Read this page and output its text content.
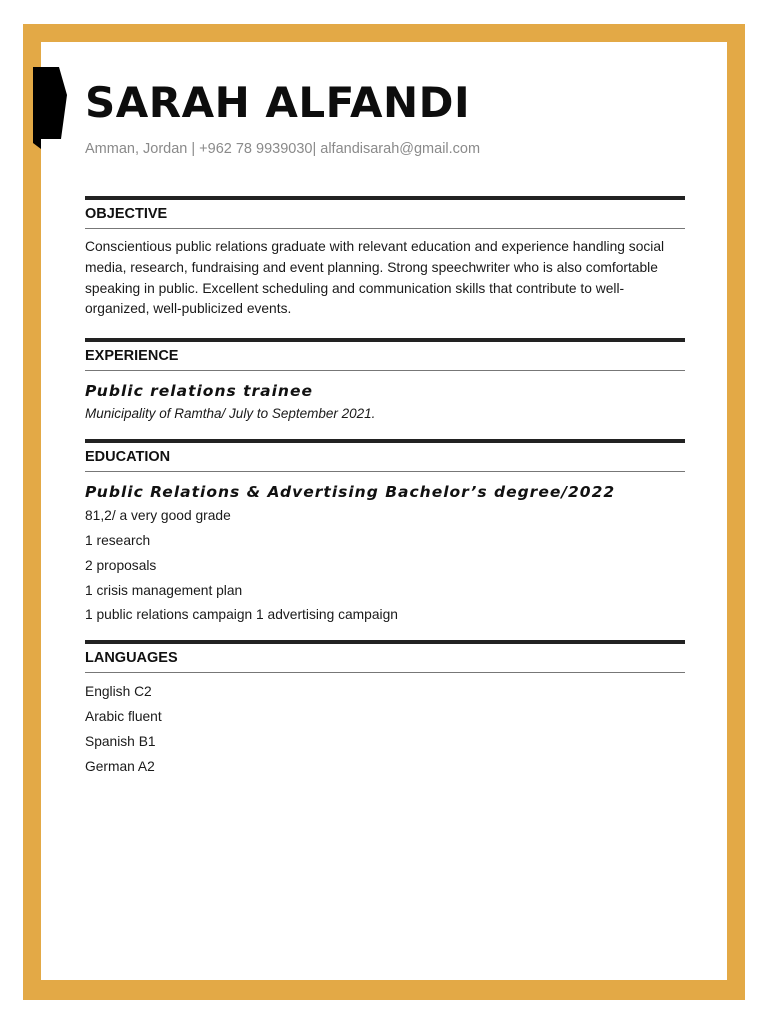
SARAH ALFANDI
Amman, Jordan | +962 78 9939030| alfandisarah@gmail.com
OBJECTIVE
Conscientious public relations graduate with relevant education and experience handling social media, research, fundraising and event planning. Strong speechwriter who is also comfortable speaking in public. Excellent scheduling and communication skills that contribute to well-organized, well-publicized events.
EXPERIENCE
Public relations trainee
Municipality of Ramtha/ July to September 2021.
EDUCATION
Public Relations & Advertising Bachelor’s degree/2022
81,2/ a very good grade
1 research
2 proposals
1 crisis management plan
1 public relations campaign 1 advertising campaign
LANGUAGES
English C2
Arabic fluent
Spanish B1
German A2
